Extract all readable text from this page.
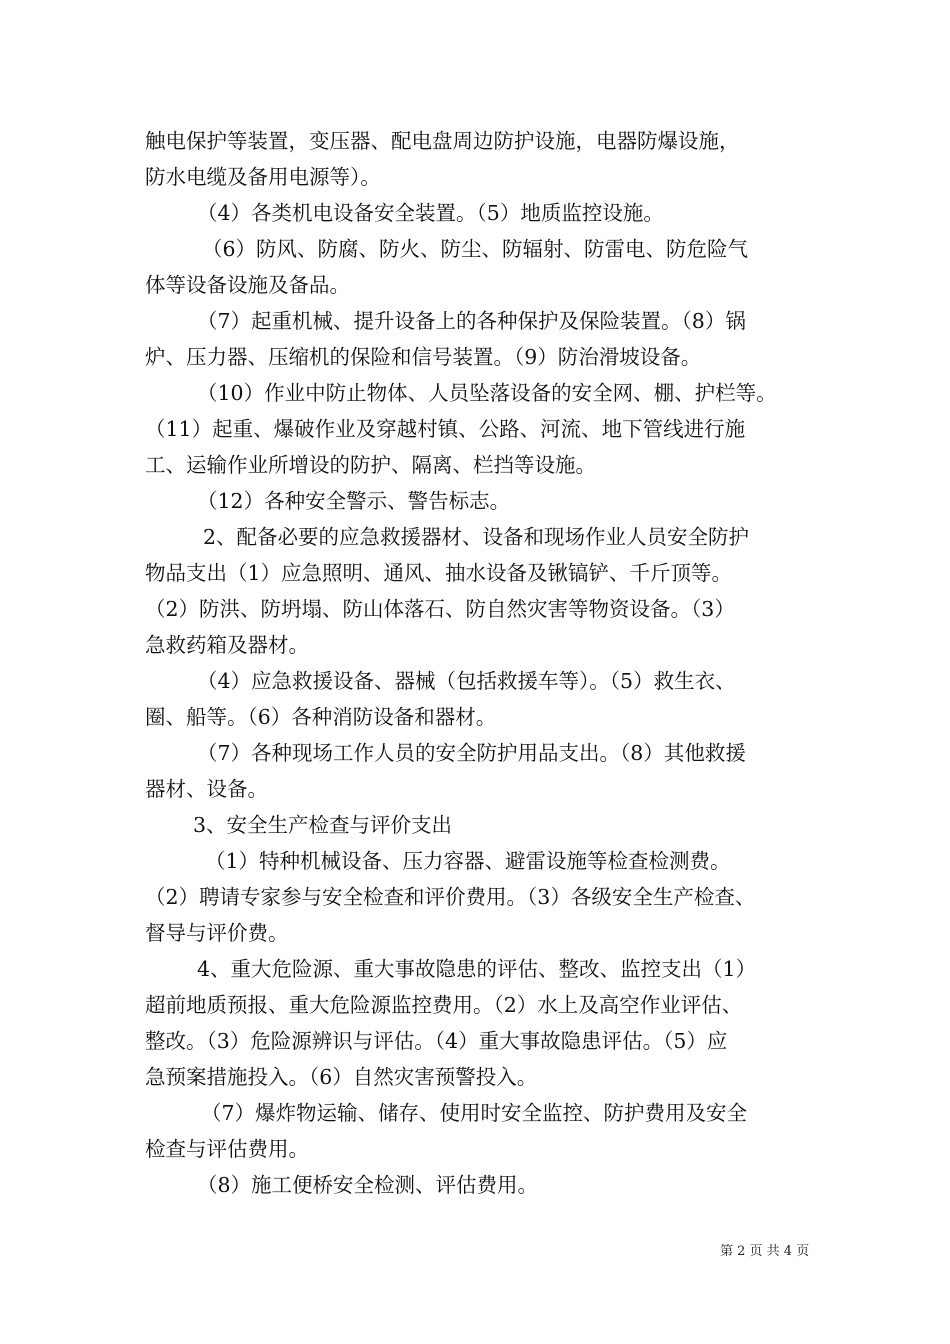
触电保护等装置，变压器、配电盘周边防护设施，电器防爆设施，
防水电缆及备用电源等）。
（4）各类机电设备安全装置。（5）地质监控设施。
（6）防风、防腐、防火、防尘、防辐射、防雷电、防危险气
体等设备设施及备品。
（7）起重机械、提升设备上的各种保护及保险装置。（8）锅
炉、压力器、压缩机的保险和信号装置。（9）防治滑坡设备。
（10）作业中防止物体、人员坠落设备的安全网、棚、护栏等。
（11）起重、爆破作业及穿越村镇、公路、河流、地下管线进行施
工、运输作业所增设的防护、隔离、栏挡等设施。
（12）各种安全警示、警告标志。
2、配备必要的应急救援器材、设备和现场作业人员安全防护
物品支出（1）应急照明、通风、抽水设备及锹镐铲、千斤顶等。
（2）防洪、防坍塌、防山体落石、防自然灾害等物资设备。（3）
急救药箱及器材。
（4）应急救援设备、器械（包括救援车等）。（5）救生衣、
圈、船等。（6）各种消防设备和器材。
（7）各种现场工作人员的安全防护用品支出。（8）其他救援
器材、设备。
3、安全生产检查与评价支出
（1）特种机械设备、压力容器、避雷设施等检查检测费。
（2）聘请专家参与安全检查和评价费用。（3）各级安全生产检查、
督导与评价费。
4、重大危险源、重大事故隐患的评估、整改、监控支出（1）
超前地质预报、重大危险源监控费用。（2）水上及高空作业评估、
整改。（3）危险源辨识与评估。（4）重大事故隐患评估。（5）应
急预案措施投入。（6）自然灾害预警投入。
（7）爆炸物运输、储存、使用时安全监控、防护费用及安全
检查与评估费用。
（8）施工便桥安全检测、评估费用。
第 2 页 共 4 页
